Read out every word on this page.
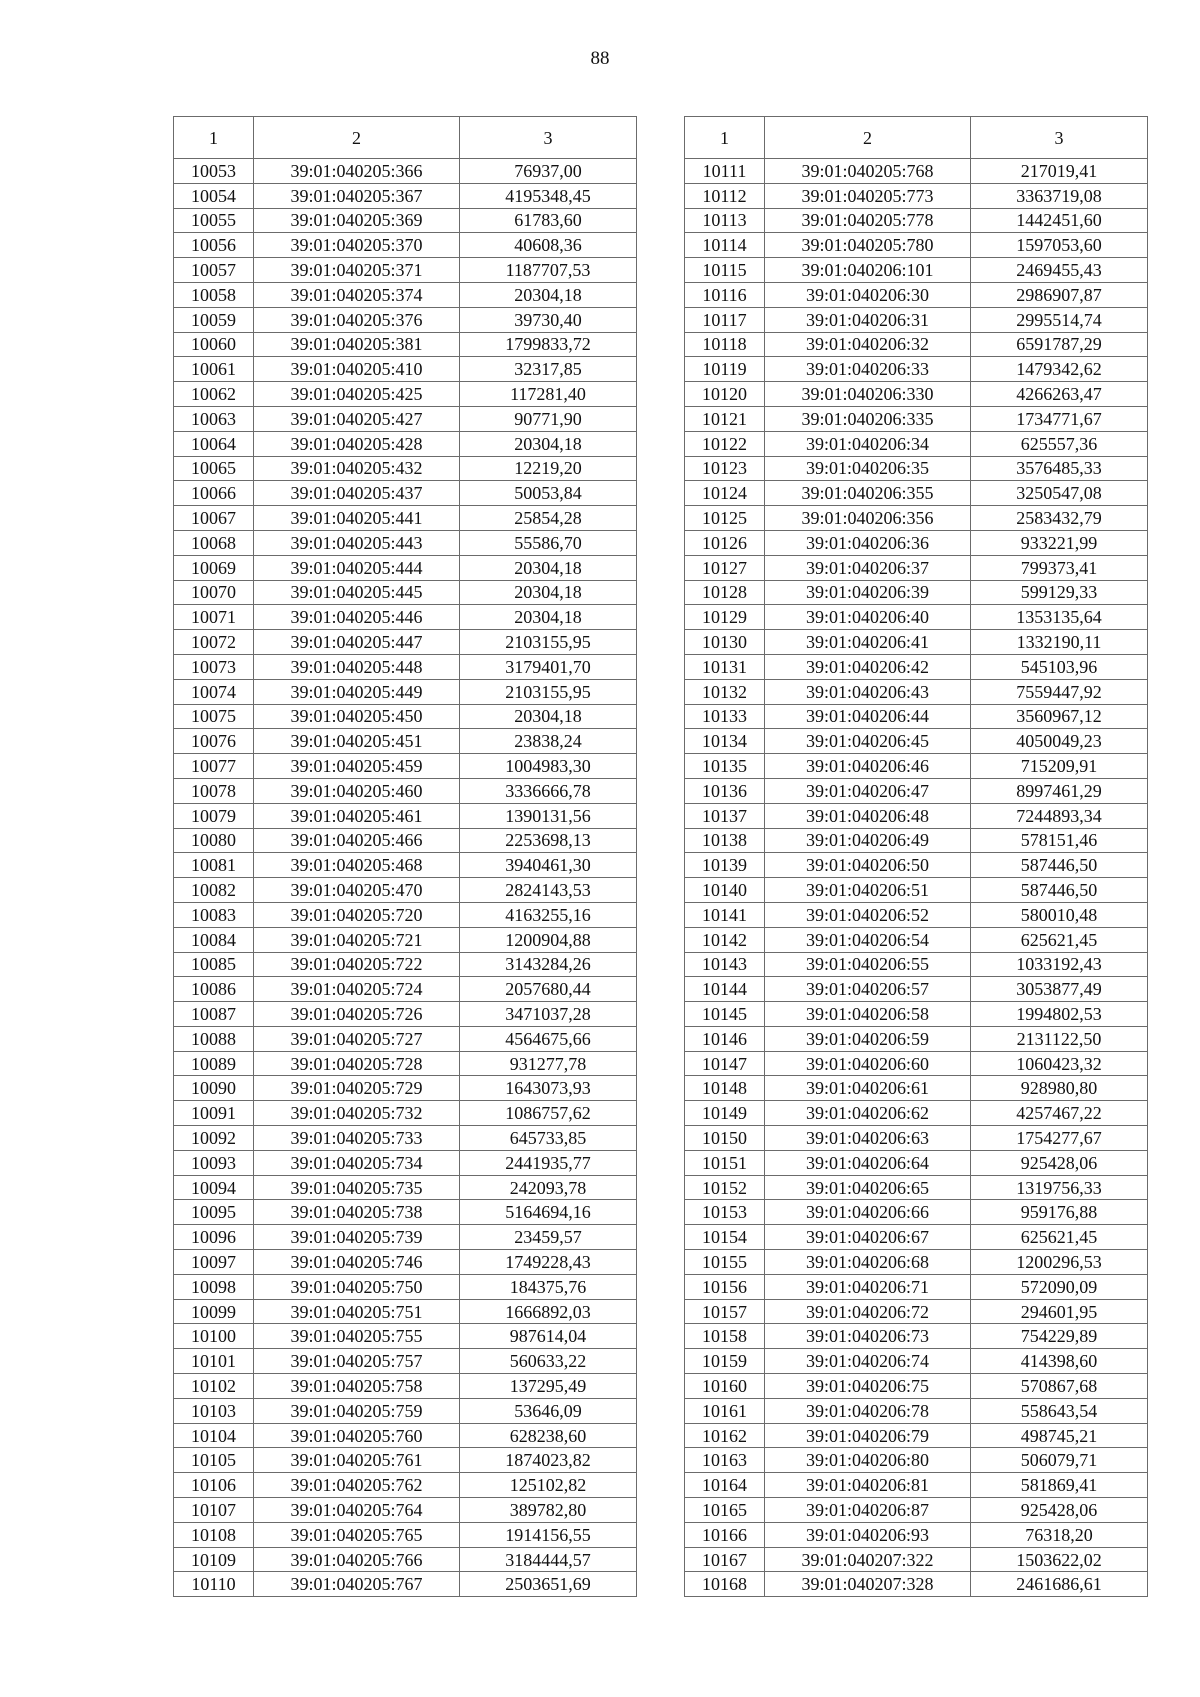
88
1	2	3
10053	39:01:040205:366	76937,00
10054	39:01:040205:367	4195348,45
10055	39:01:040205:369	61783,60
10056	39:01:040205:370	40608,36
10057	39:01:040205:371	1187707,53
10058	39:01:040205:374	20304,18
10059	39:01:040205:376	39730,40
10060	39:01:040205:381	1799833,72
10061	39:01:040205:410	32317,85
10062	39:01:040205:425	117281,40
10063	39:01:040205:427	90771,90
10064	39:01:040205:428	20304,18
10065	39:01:040205:432	12219,20
10066	39:01:040205:437	50053,84
10067	39:01:040205:441	25854,28
10068	39:01:040205:443	55586,70
10069	39:01:040205:444	20304,18
10070	39:01:040205:445	20304,18
10071	39:01:040205:446	20304,18
10072	39:01:040205:447	2103155,95
10073	39:01:040205:448	3179401,70
10074	39:01:040205:449	2103155,95
10075	39:01:040205:450	20304,18
10076	39:01:040205:451	23838,24
10077	39:01:040205:459	1004983,30
10078	39:01:040205:460	3336666,78
10079	39:01:040205:461	1390131,56
10080	39:01:040205:466	2253698,13
10081	39:01:040205:468	3940461,30
10082	39:01:040205:470	2824143,53
10083	39:01:040205:720	4163255,16
10084	39:01:040205:721	1200904,88
10085	39:01:040205:722	3143284,26
10086	39:01:040205:724	2057680,44
10087	39:01:040205:726	3471037,28
10088	39:01:040205:727	4564675,66
10089	39:01:040205:728	931277,78
10090	39:01:040205:729	1643073,93
10091	39:01:040205:732	1086757,62
10092	39:01:040205:733	645733,85
10093	39:01:040205:734	2441935,77
10094	39:01:040205:735	242093,78
10095	39:01:040205:738	5164694,16
10096	39:01:040205:739	23459,57
10097	39:01:040205:746	1749228,43
10098	39:01:040205:750	184375,76
10099	39:01:040205:751	1666892,03
10100	39:01:040205:755	987614,04
10101	39:01:040205:757	560633,22
10102	39:01:040205:758	137295,49
10103	39:01:040205:759	53646,09
10104	39:01:040205:760	628238,60
10105	39:01:040205:761	1874023,82
10106	39:01:040205:762	125102,82
10107	39:01:040205:764	389782,80
10108	39:01:040205:765	1914156,55
10109	39:01:040205:766	3184444,57
10110	39:01:040205:767	2503651,69
1	2	3
10111	39:01:040205:768	217019,41
10112	39:01:040205:773	3363719,08
10113	39:01:040205:778	1442451,60
10114	39:01:040205:780	1597053,60
10115	39:01:040206:101	2469455,43
10116	39:01:040206:30	2986907,87
10117	39:01:040206:31	2995514,74
10118	39:01:040206:32	6591787,29
10119	39:01:040206:33	1479342,62
10120	39:01:040206:330	4266263,47
10121	39:01:040206:335	1734771,67
10122	39:01:040206:34	625557,36
10123	39:01:040206:35	3576485,33
10124	39:01:040206:355	3250547,08
10125	39:01:040206:356	2583432,79
10126	39:01:040206:36	933221,99
10127	39:01:040206:37	799373,41
10128	39:01:040206:39	599129,33
10129	39:01:040206:40	1353135,64
10130	39:01:040206:41	1332190,11
10131	39:01:040206:42	545103,96
10132	39:01:040206:43	7559447,92
10133	39:01:040206:44	3560967,12
10134	39:01:040206:45	4050049,23
10135	39:01:040206:46	715209,91
10136	39:01:040206:47	8997461,29
10137	39:01:040206:48	7244893,34
10138	39:01:040206:49	578151,46
10139	39:01:040206:50	587446,50
10140	39:01:040206:51	587446,50
10141	39:01:040206:52	580010,48
10142	39:01:040206:54	625621,45
10143	39:01:040206:55	1033192,43
10144	39:01:040206:57	3053877,49
10145	39:01:040206:58	1994802,53
10146	39:01:040206:59	2131122,50
10147	39:01:040206:60	1060423,32
10148	39:01:040206:61	928980,80
10149	39:01:040206:62	4257467,22
10150	39:01:040206:63	1754277,67
10151	39:01:040206:64	925428,06
10152	39:01:040206:65	1319756,33
10153	39:01:040206:66	959176,88
10154	39:01:040206:67	625621,45
10155	39:01:040206:68	1200296,53
10156	39:01:040206:71	572090,09
10157	39:01:040206:72	294601,95
10158	39:01:040206:73	754229,89
10159	39:01:040206:74	414398,60
10160	39:01:040206:75	570867,68
10161	39:01:040206:78	558643,54
10162	39:01:040206:79	498745,21
10163	39:01:040206:80	506079,71
10164	39:01:040206:81	581869,41
10165	39:01:040206:87	925428,06
10166	39:01:040206:93	76318,20
10167	39:01:040207:322	1503622,02
10168	39:01:040207:328	2461686,61
